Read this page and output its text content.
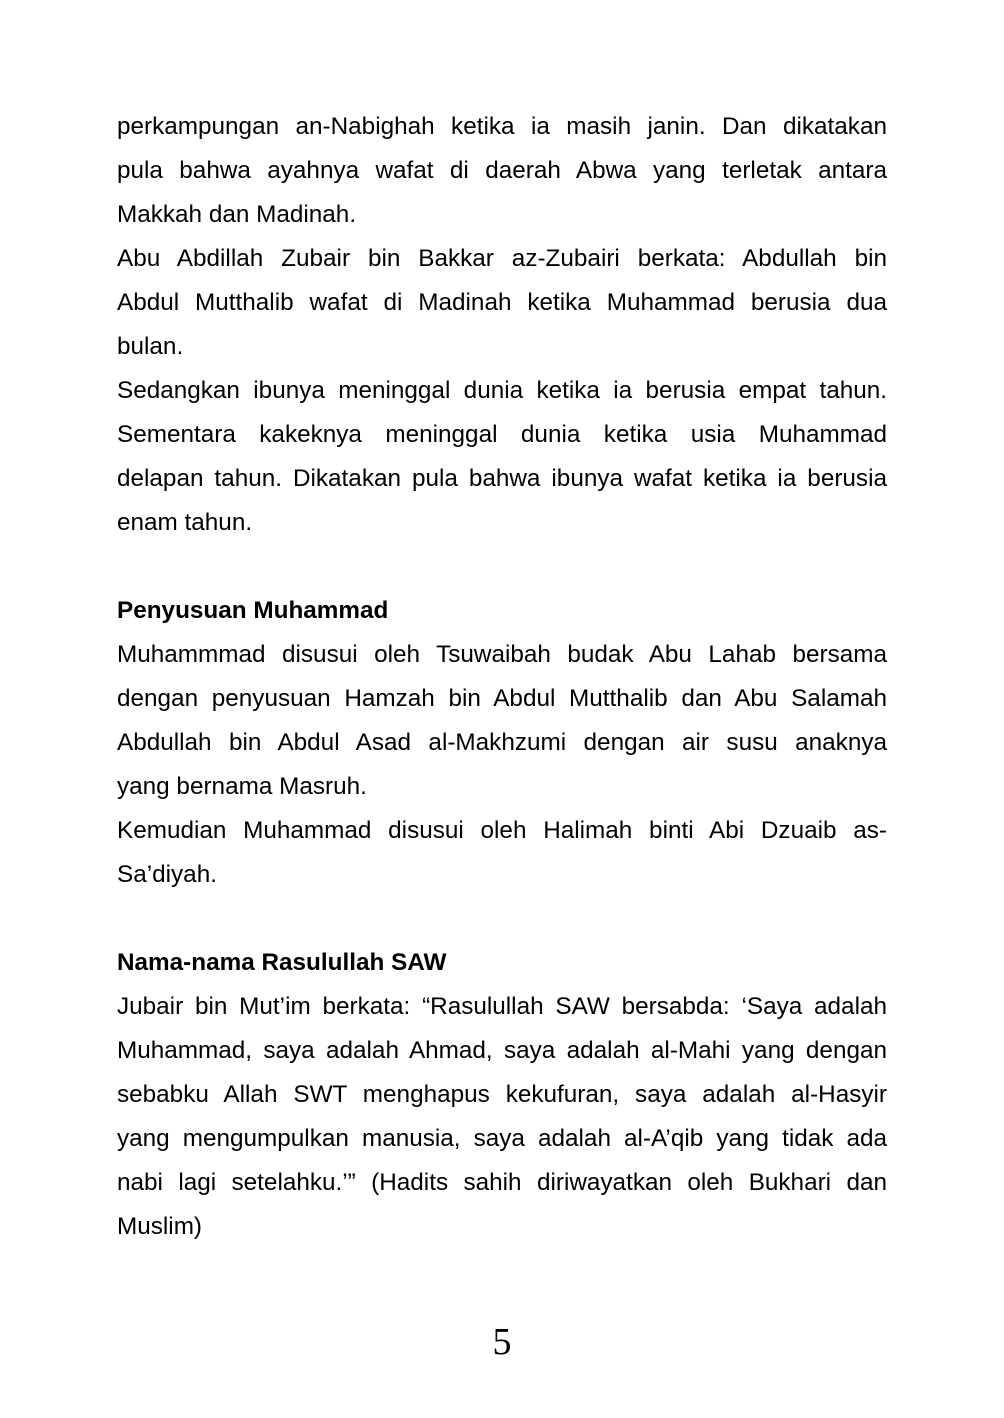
perkampungan an-Nabighah ketika ia masih janin. Dan dikatakan
pula bahwa ayahnya wafat di daerah Abwa yang terletak antara
Makkah dan Madinah.

Abu Abdillah Zubair bin Bakkar az-Zubairi berkata: Abdullah bin
Abdul Mutthalib wafat di Madinah ketika Muhammad berusia dua
bulan.

Sedangkan ibunya meninggal dunia ketika ia berusia empat tahun.
Sementara kakeknya meninggal dunia ketika usia Muhammad
delapan tahun. Dikatakan pula bahwa ibunya wafat ketika ia berusia
enam tahun.

Penyusuan Muhammad

Muhammmad disusui oleh Tsuwaibah budak Abu Lahab bersama
dengan penyusuan Hamzah bin Abdul Mutthalib dan Abu Salamah
Abdullah bin Abdul Asad al-Makhzumi dengan air susu anaknya
yang bernama Masruh.

Kemudian Muhammad disusui oleh Halimah binti Abi Dzuaib as-
Sa’diyah.

Nama-nama Rasulullah SAW

Jubair bin Mut’im berkata: “Rasulullah SAW bersabda: ‘Saya adalah
Muhammad, saya adalah Ahmad, saya adalah al-Mahi yang dengan
sebabku Allah SWT menghapus kekufuran, saya adalah al-Hasyir
yang mengumpulkan manusia, saya adalah al-A’qib yang tidak ada
nabi lagi setelahku.’” (Hadits sahih diriwayatkan oleh Bukhari dan
Muslim)

5
